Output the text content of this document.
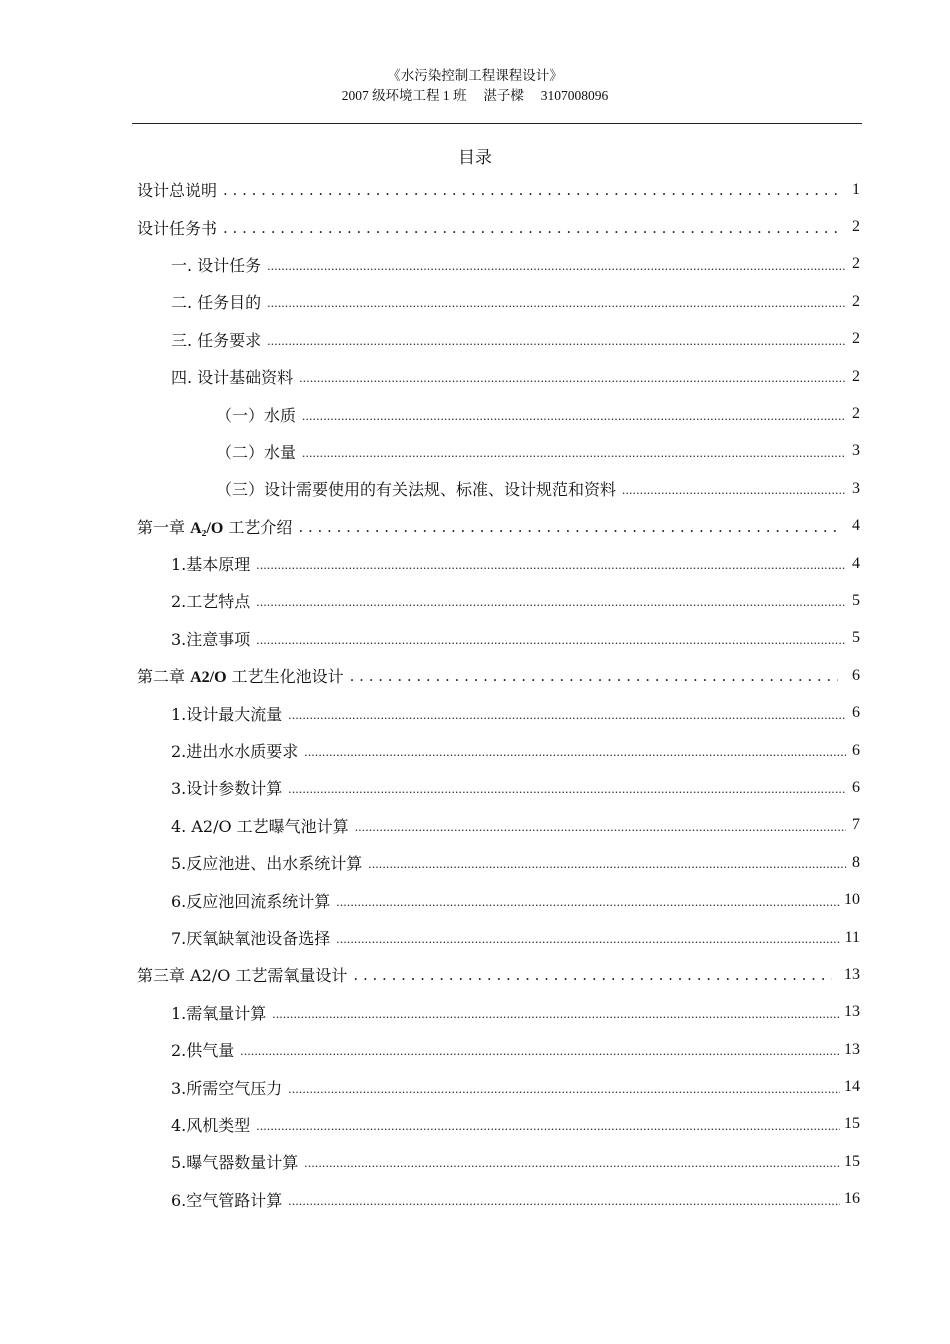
《水污染控制工程课程设计》
2007 级环境工程 1 班　 湛子樑　 3107008096
目录
设计总说明 . . .	1
设计任务书 . . .	2
一. 设计任务 .....	2
二. 任务目的 .....	2
三. 任务要求 .....	2
四. 设计基础资料 .....	2
（一）水质 .....	2
（二）水量 .....	3
（三）设计需要使用的有关法规、标准、设计规范和资料 .....	3
第一章 A₂/O 工艺介绍 . . .	4
1.基本原理 .....	4
2.工艺特点 .....	5
3.注意事项 .....	5
第二章 A2/O 工艺生化池设计 . . .	6
1.设计最大流量 .....	6
2.进出水水质要求 .....	6
3.设计参数计算 .....	6
4. A2/O 工艺曝气池计算 .....	7
5.反应池进、出水系统计算 .....	8
6.反应池回流系统计算 .....	10
7.厌氧缺氧池设备选择 .....	11
第三章 A2/O 工艺需氧量设计 . . .	13
1.需氧量计算 .....	13
2.供气量 .....	13
3.所需空气压力 .....	14
4.风机类型 .....	15
5.曝气器数量计算 .....	15
6.空气管路计算 .....	16
